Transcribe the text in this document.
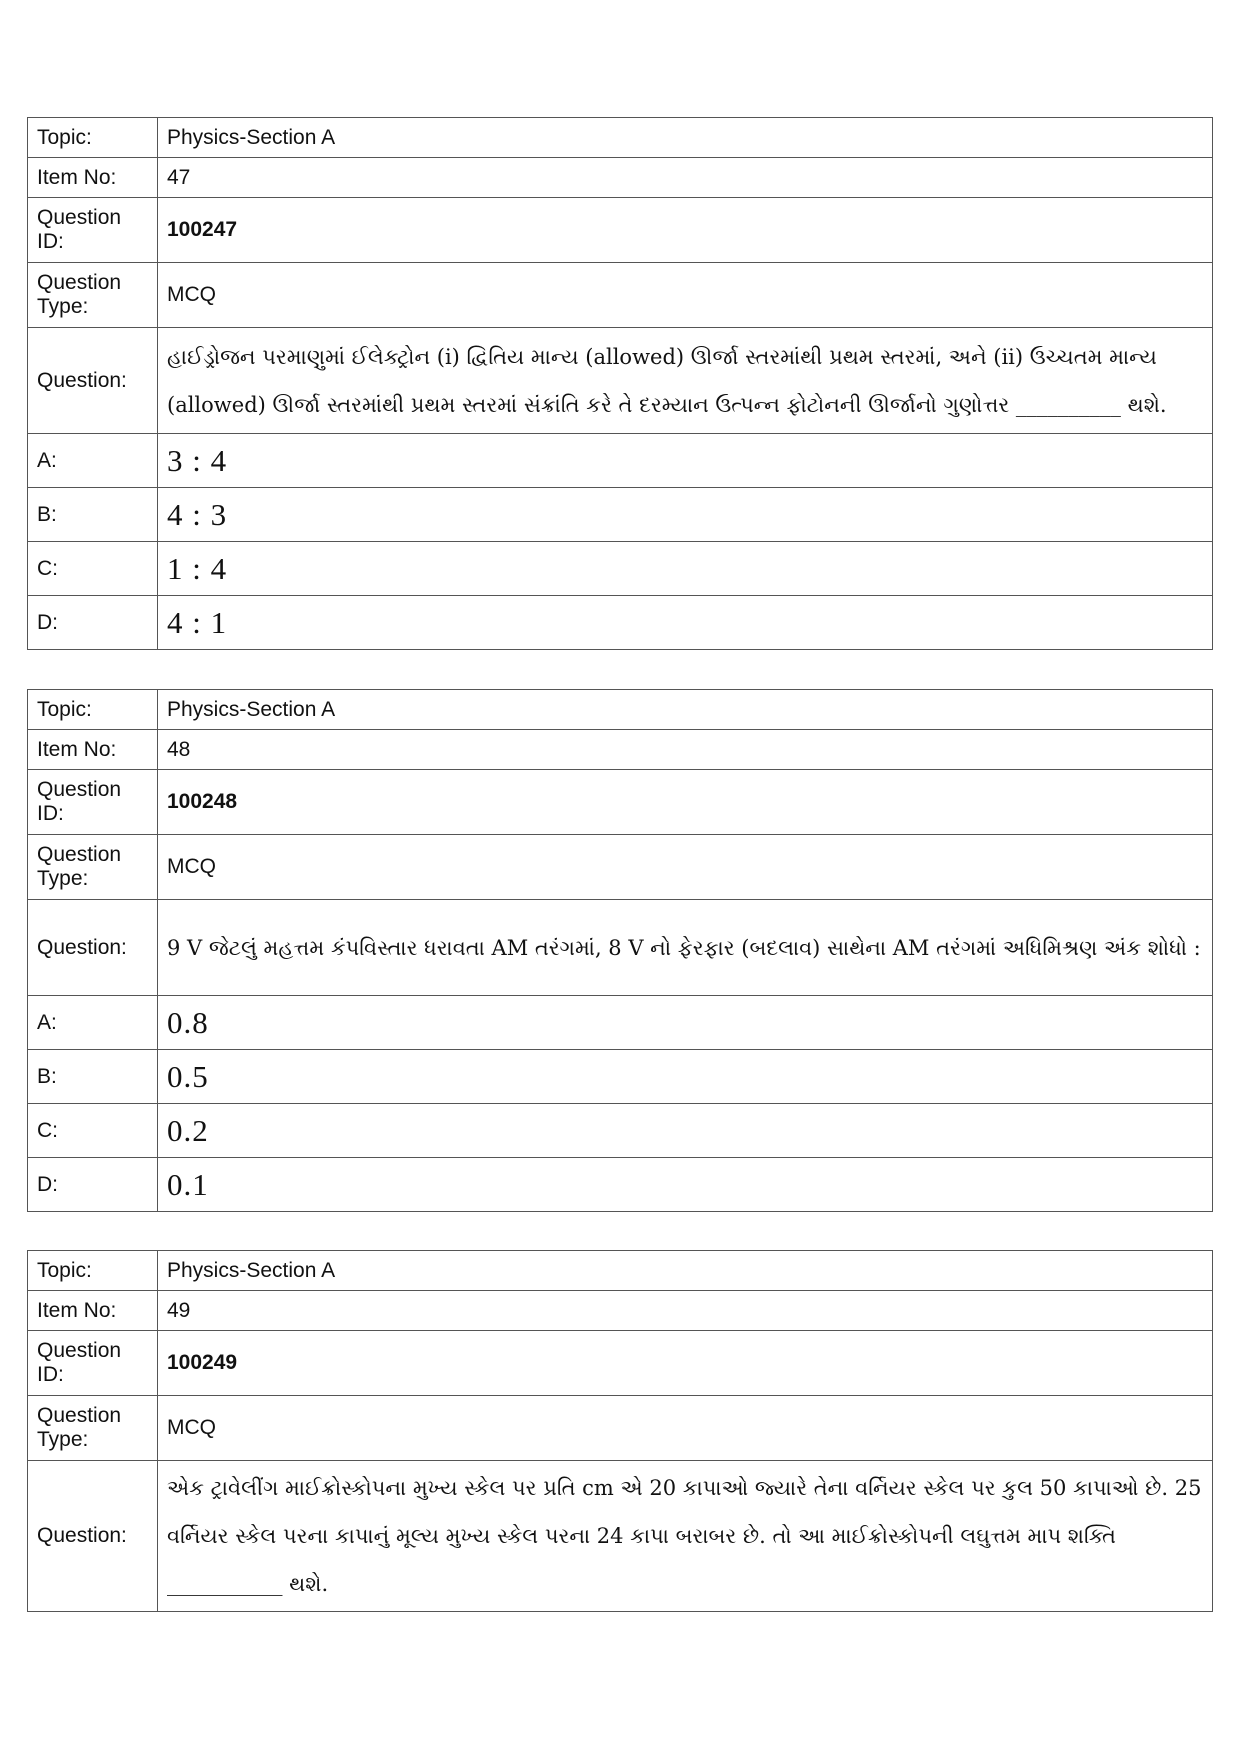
Topic:	Physics-Section A
Item No:	47
Question ID:	100247
Question Type:	MCQ
Question:	હાઈડ્રોજન પરમાણુમાં ઈલેક્ટ્રોન (i) દ્વિતિય માન્ય (allowed) ઊર્જા સ્તરમાંથી પ્રથમ સ્તરમાં, અને (ii) ઉચ્ચતમ માન્ય (allowed) ઊર્જા સ્તરમાંથી પ્રથમ સ્તરમાં સંક્રાંતિ કરે તે દરમ્યાન ઉત્પન્ન ફોટોનની ઊર્જાનો ગુણોત્તર __________ થશે.
A:	3 : 4
B:	4 : 3
C:	1 : 4
D:	4 : 1
Topic:	Physics-Section A
Item No:	48
Question ID:	100248
Question Type:	MCQ
Question:	9 V જેટલું મહત્તમ કંપવિસ્તાર ધરાવતા AM તરંગમાં, 8 V નો ફેરફાર (બદલાવ) સાથેના AM તરંગમાં અધિમિશ્રણ અંક શોધો :
A:	0.8
B:	0.5
C:	0.2
D:	0.1
Topic:	Physics-Section A
Item No:	49
Question ID:	100249
Question Type:	MCQ
Question:	એક ટ્રાવેલીંગ માઈક્રોસ્કોપના મુખ્ય સ્કેલ પર પ્રતિ cm એ 20 કાપાઓ જ્યારે તેના વર્નિયર સ્કેલ પર કુલ 50 કાપાઓ છે. 25 વર્નિયર સ્કેલ પરના કાપાનું મૂલ્ય મુખ્ય સ્કેલ પરના 24 કાપા બરાબર છે. તો આ માઈક્રોસ્કોપની લઘુત્તમ માપ શક્તિ ___________ થશે.
